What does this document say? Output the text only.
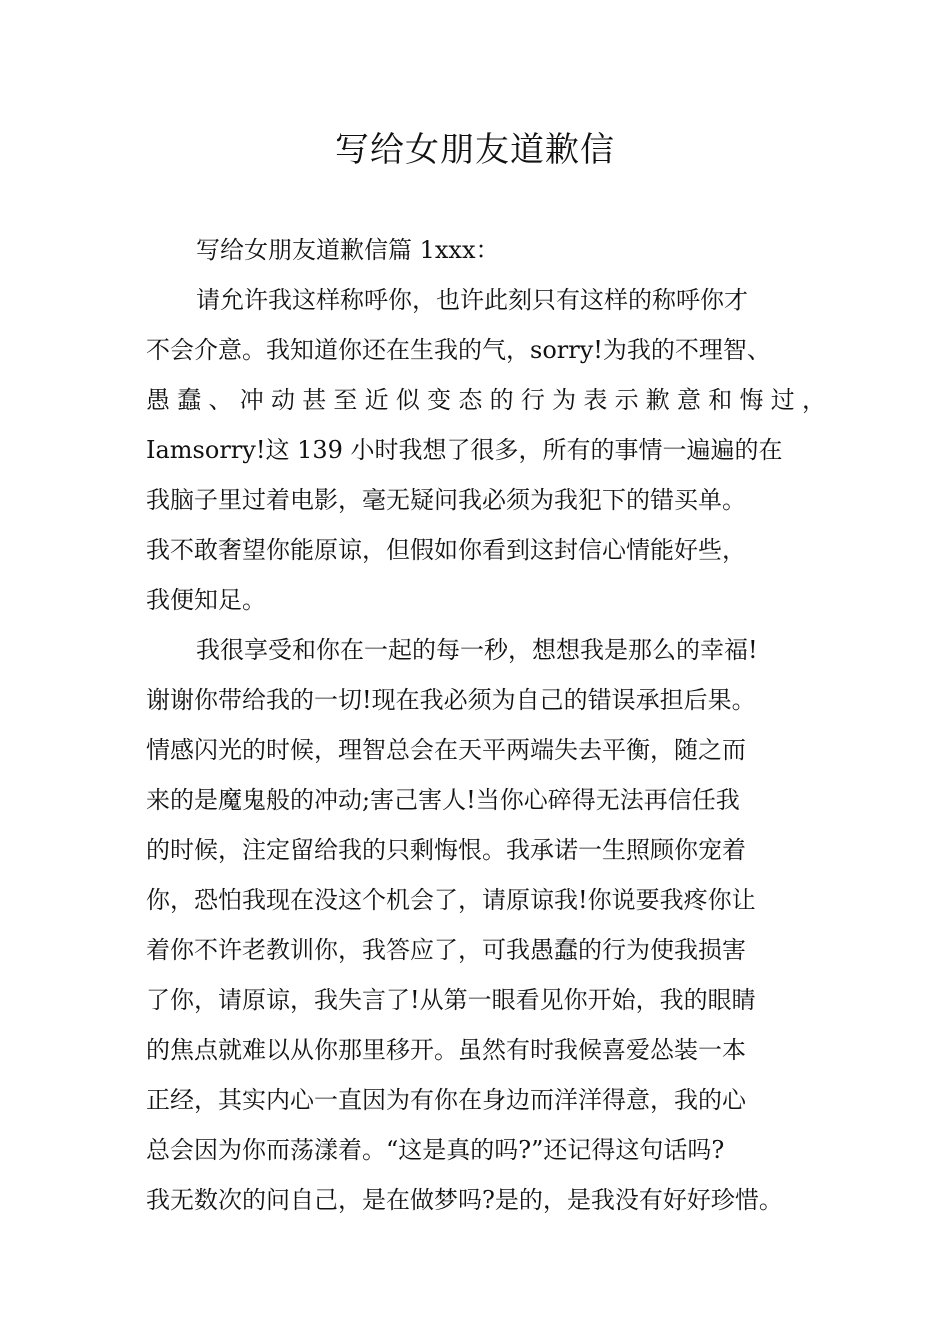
写给女朋友道歉信

写给女朋友道歉信篇 1xxx：

请允许我这样称呼你，也许此刻只有这样的称呼你才
不会介意。我知道你还在生我的气，sorry!为我的不理智、
愚蠢、冲动甚至近似变态的行为表示歉意和悔过，
Iamsorry!这 139 小时我想了很多，所有的事情一遍遍的在
我脑子里过着电影，毫无疑问我必须为我犯下的错买单。
我不敢奢望你能原谅，但假如你看到这封信心情能好些，
我便知足。

我很享受和你在一起的每一秒，想想我是那么的幸福!
谢谢你带给我的一切!现在我必须为自己的错误承担后果。
情感闪光的时候，理智总会在天平两端失去平衡，随之而
来的是魔鬼般的冲动;害己害人!当你心碎得无法再信任我
的时候，注定留给我的只剩悔恨。我承诺一生照顾你宠着
你，恐怕我现在没这个机会了，请原谅我!你说要我疼你让
着你不许老教训你，我答应了，可我愚蠢的行为使我损害
了你，请原谅，我失言了!从第一眼看见你开始，我的眼睛
的焦点就难以从你那里移开。虽然有时我候喜爱怂装一本
正经，其实内心一直因为有你在身边而洋洋得意，我的心
总会因为你而荡漾着。“这是真的吗?”还记得这句话吗?
我无数次的问自己，是在做梦吗?是的，是我没有好好珍惜。
